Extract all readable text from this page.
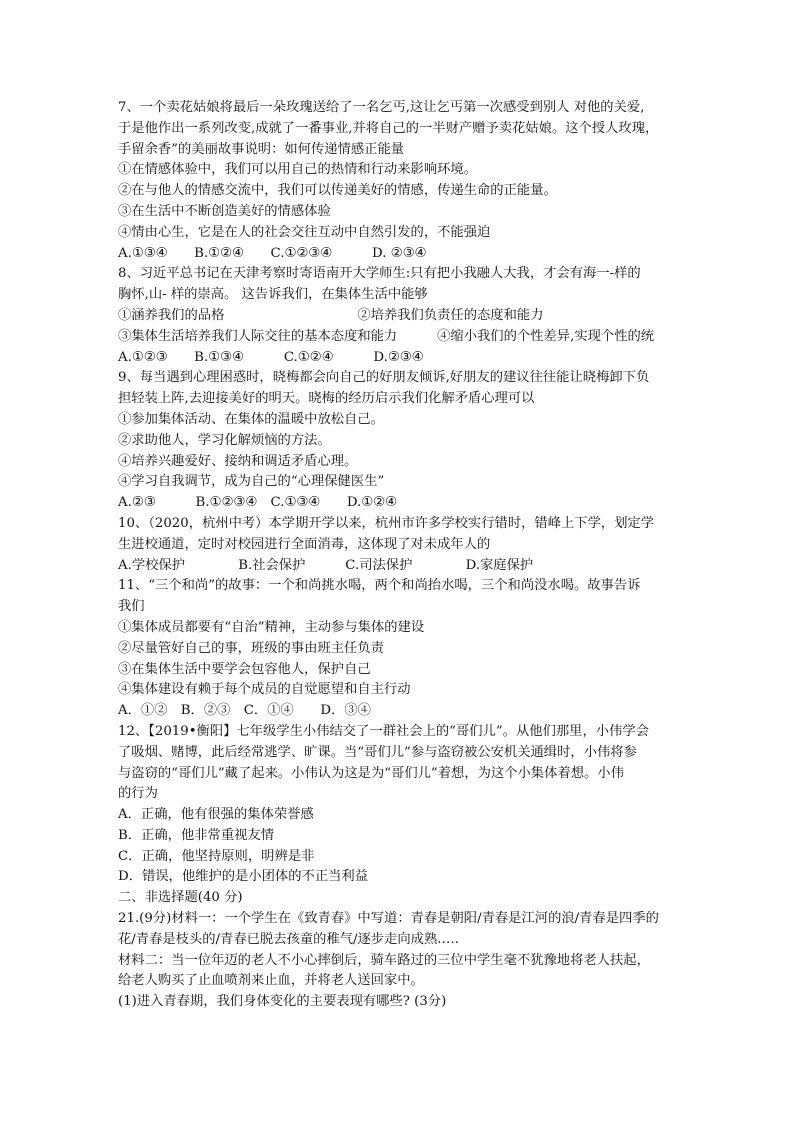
7、一个卖花姑娘将最后一朵玫瑰送给了一名乞丐,这让乞丐第一次感受到别人 对他的关爱,
于是他作出一系列改变,成就了一番事业,并将自己的一半财产赠予卖花姑娘。这个授人玫瑰，
手留余香”的美丽故事说明：如何传递情感正能量
①在情感体验中，我们可以用自己的热情和行动来影响环境。
②在与他人的情感交流中，我们可以传递美好的情感，传递生命的正能量。
③在生活中不断创造美好的情感体验
④情由心生，它是在人的社会交往互动中自然引发的，不能强迫
A.①③④　　B.①②④　　C.①②③④　　　D. ②③④
8、习近平总书记在天津考察时寄语南开大学师生:只有把小我融人大我，才会有海一-样的
胸怀,山- 样的崇高。 这告诉我们，在集体生活中能够
①涵养我们的品格　　　　　　　　　　②培养我们负责任的态度和能力
③集体生活培养我们人际交往的基本态度和能力　　　④缩小我们的个性差异,实现个性的统
A.①②③　　B.①③④　　　C.①②④　　　D.②③④
9、每当遇到心理困惑时，晓梅都会向自己的好朋友倾诉,好朋友的建议往往能让晓梅卸下负
担轻装上阵,去迎接美好的明天。晓梅的经历启示我们化解矛盾心理可以
①参加集体活动、在集体的温暖中放松自己。
②求助他人，学习化解烦恼的方法。
④培养兴趣爱好、接纳和调适矛盾心理。
④学习自我调节，成为自己的“心理保健医生”
A.②③　　　B.①②③④　C.①③④　　D.①②④
10、（2020，杭州中考）本学期开学以来，杭州市许多学校实行错时，错峰上下学，划定学
生进校通道，定时对校园进行全面消毒，这体现了对未成年人的
A.学校保护　　　　B.社会保护　　　C.司法保护　　　　D.家庭保护
11、“三个和尚”的故事：一个和尚挑水喝，两个和尚抬水喝，三个和尚没水喝。故事告诉
我们
①集体成员都要有“自治”精神，主动参与集体的建设
②尽量管好自己的事，班级的事由班主任负责
③在集体生活中要学会包容他人，保护自己
④集体建设有赖于每个成员的自觉愿望和自主行动
A．①②　B．②③　C．①④　　D．③④
12、【2019•衡阳】七年级学生小伟结交了一群社会上的“哥们儿”。从他们那里，小伟学会
了吸烟、赌博，此后经常逃学、旷课。当“哥们儿”参与盗窃被公安机关通缉时，小伟将参
与盗窃的“哥们儿”藏了起来。小伟认为这是为“哥们儿”着想，为这个小集体着想。小伟
的行为
A．正确，他有很强的集体荣誉感
B．正确，他非常重视友情
C．正确，他坚持原则，明辨是非
D．错误，他维护的是小团体的不正当利益
二、非选择题(40 分)
21.(9分)材料一：一个学生在《致青春》中写道：青春是朝阳/青春是江河的浪/青春是四季的
花/青春是枝头的/青春已脱去孩童的稚气/逐步走向成熟.….
材料二：当一位年迈的老人不小心摔倒后，骑车路过的三位中学生毫不犹豫地将老人扶起，
给老人购买了止血喷剂来止血，并将老人送回家中。
(1)进入青春期，我们身体变化的主要表现有哪些? (3分)
